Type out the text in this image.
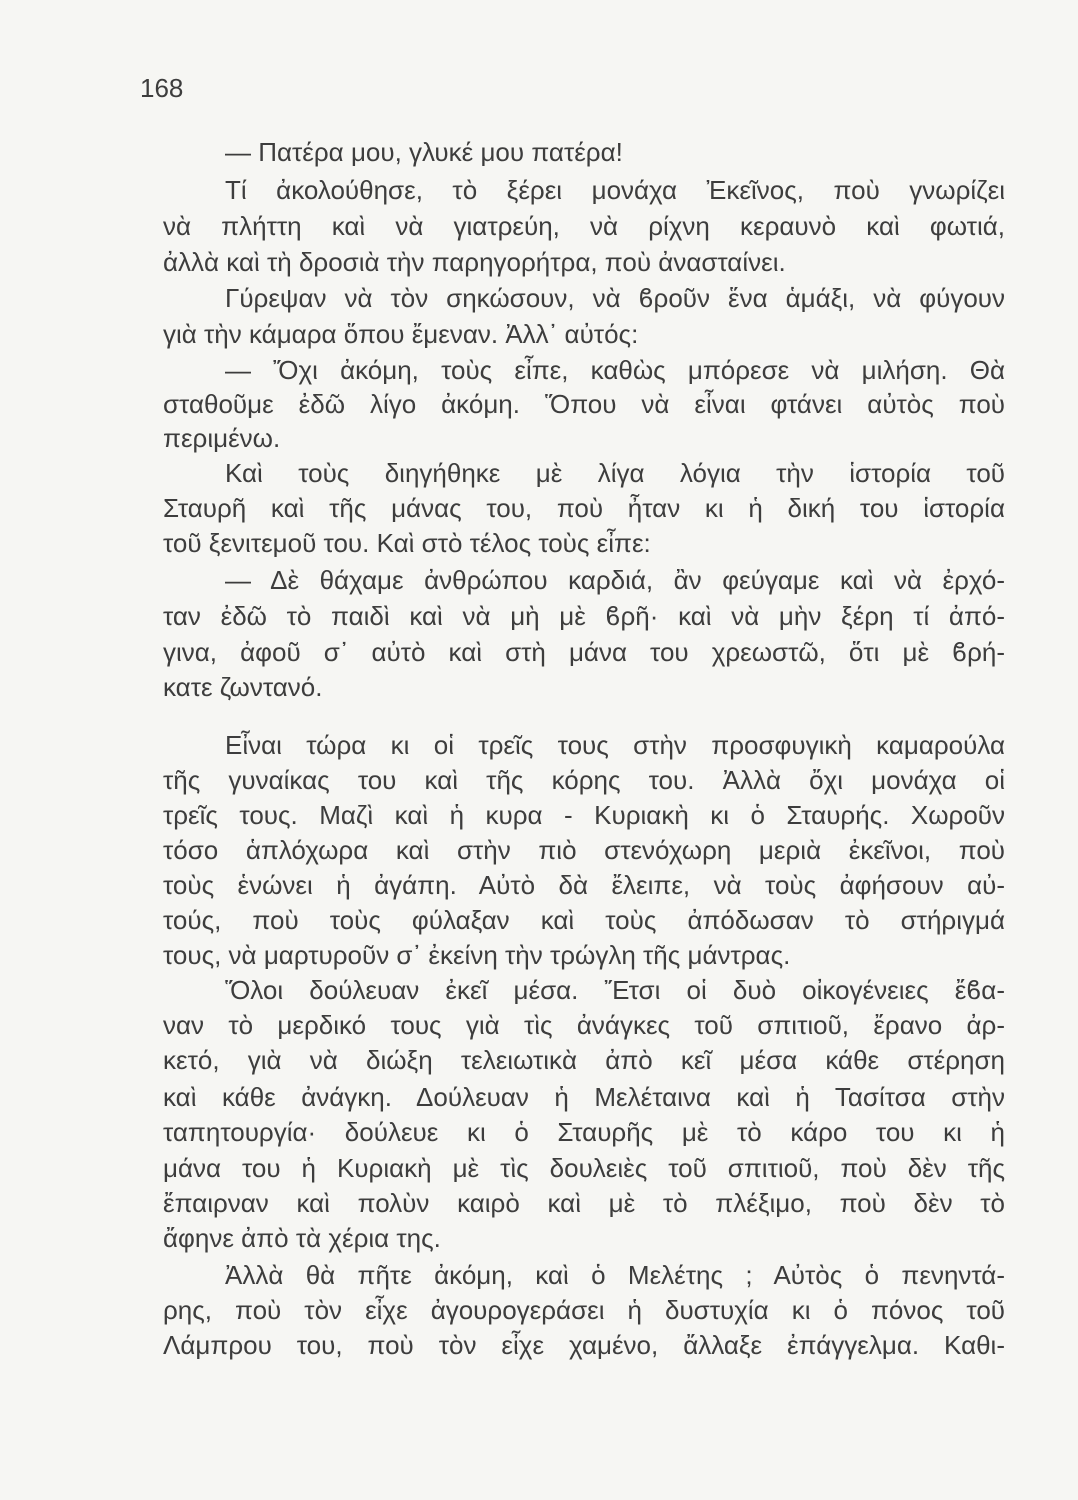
168
— Πατέρα μου, γλυκέ μου πατέρα!
Τί ἀκολούθησε, τὸ ξέρει μονάχα Ἐκεῖνος, ποὺ γνωρίζει
νὰ πλήττη καὶ νὰ γιατρεύη, νὰ ρίχνη κεραυνὸ καὶ φωτιά,
ἀλλὰ καὶ τὴ δροσιὰ τὴν παρηγορήτρα, ποὺ ἀνασταίνει.
Γύρεψαν νὰ τὸν σηκώσουν, νὰ ϐροῦν ἕνα ἁμάξι, νὰ φύγουν
γιὰ τὴν κάμαρα ὅπου ἔμεναν. Ἀλλ᾽ αὐτός:
— Ὄχι ἀκόμη, τοὺς εἶπε, καθὼς μπόρεσε νὰ μιλήση. Θὰ
σταθοῦμε ἐδῶ λίγο ἀκόμη. Ὅπου νὰ εἶναι φτάνει αὐτὸς ποὺ
περιμένω.
Καὶ τοὺς διηγήθηκε μὲ λίγα λόγια τὴν ἱστορία τοῦ
Σταυρῆ καὶ τῆς μάνας του, ποὺ ἦταν κι ἡ δική του ἱστορία
τοῦ ξενιτεμοῦ του. Καὶ στὸ τέλος τοὺς εἶπε:
— Δὲ θάχαμε ἀνθρώπου καρδιά, ἂν φεύγαμε καὶ νὰ ἐρχό-
ταν ἐδῶ τὸ παιδὶ καὶ νὰ μὴ μὲ ϐρῆ· καὶ νὰ μὴν ξέρη τί ἀπό-
γινα, ἀφοῦ σ᾽ αὐτὸ καὶ στὴ μάνα του χρεωστῶ, ὅτι μὲ ϐρή-
κατε ζωντανό.
Εἶναι τώρα κι οἱ τρεῖς τους στὴν προσφυγικὴ καμαρούλα
τῆς γυναίκας του καὶ τῆς κόρης του. Ἀλλὰ ὄχι μονάχα οἱ
τρεῖς τους. Μαζὶ καὶ ἡ κυρα - Κυριακὴ κι ὁ Σταυρής. Χωροῦν
τόσο ἁπλόχωρα καὶ στὴν πιὸ στενόχωρη μεριὰ ἐκεῖνοι, ποὺ
τοὺς ἑνώνει ἡ ἀγάπη. Αὐτὸ δὰ ἔλειπε, νὰ τοὺς ἀφήσουν αὐ-
τούς, ποὺ τοὺς φύλαξαν καὶ τοὺς ἀπόδωσαν τὸ στήριγμά
τους, νὰ μαρτυροῦν σ᾽ ἐκείνη τὴν τρώγλη τῆς μάντρας.
Ὅλοι δούλευαν ἐκεῖ μέσα. Ἔτσι οἱ δυὸ οἰκογένειες ἔϐα-
ναν τὸ μερδικό τους γιὰ τὶς ἀνάγκες τοῦ σπιτιοῦ, ἔρανο ἀρ-
κετό, γιὰ νὰ διώξη τελειωτικὰ ἀπὸ κεῖ μέσα κάθε στέρηση
καὶ κάθε ἀνάγκη. Δούλευαν ἡ Μελέταινα καὶ ἡ Τασίτσα στὴν
ταπητουργία· δούλευε κι ὁ Σταυρῆς μὲ τὸ κάρο του κι ἡ
μάνα του ἡ Κυριακὴ μὲ τὶς δουλειὲς τοῦ σπιτιοῦ, ποὺ δὲν τῆς
ἔπαιρναν καὶ πολὺν καιρὸ καὶ μὲ τὸ πλέξιμο, ποὺ δὲν τὸ
ἄφηνε ἀπὸ τὰ χέρια της.
Ἀλλὰ θὰ πῆτε ἀκόμη, καὶ ὁ Μελέτης ; Αὐτὸς ὁ πενηντά-
ρης, ποὺ τὸν εἶχε ἀγουρογεράσει ἡ δυστυχία κι ὁ πόνος τοῦ
Λάμπρου του, ποὺ τὸν εἶχε χαμένο, ἄλλαξε ἐπάγγελμα. Καθι-
